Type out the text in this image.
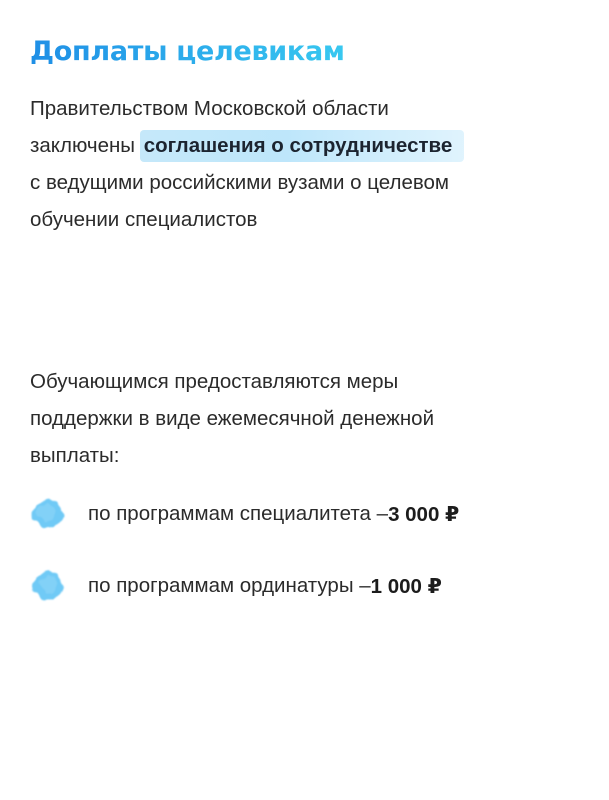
Доплаты целевикам

Правительством Московской области
заключены соглашения о сотрудничестве
с ведущими российскими вузами о целевом
обучении специалистов

Обучающимся предоставляются меры
поддержки в виде ежемесячной денежной
выплаты:

по программам специалитета – 3 000 ₽
по программам ординатуры – 1 000 ₽
